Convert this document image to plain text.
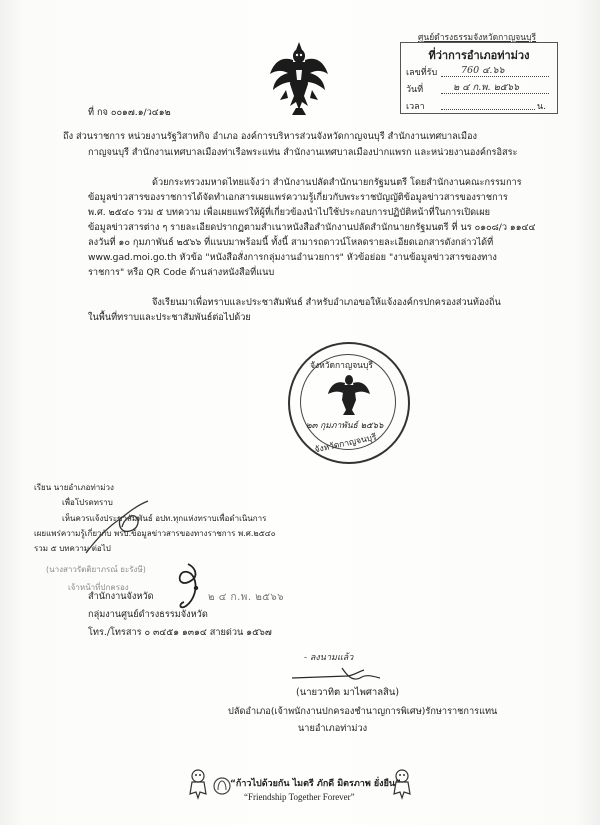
ศูนย์ดำรงธรรมจังหวัดกาญจนบุรี
ที่ว่าการอำเภอท่าม่วง
เลขที่รับ	760 ๔.๖๖
วันที่	๒ ๔ ก.พ. ๒๕๖๖
เวลา	น.
ที่ กจ ๐๐๑๗.๑/ว๔๑๒
ถึง ส่วนราชการ หน่วยงานรัฐวิสาหกิจ อำเภอ องค์การบริหารส่วนจังหวัดกาญจนบุรี สำนักงานเทศบาลเมือง
กาญจนบุรี สำนักงานเทศบาลเมืองท่าเรือพระแท่น สำนักงานเทศบาลเมืองปากแพรก และหน่วยงานองค์กรอิสระ
ด้วยกระทรวงมหาดไทยแจ้งว่า สำนักงานปลัดสำนักนายกรัฐมนตรี โดยสำนักงานคณะกรรมการ
ข้อมูลข่าวสารของราชการได้จัดทำเอกสารเผยแพร่ความรู้เกี่ยวกับพระราชบัญญัติข้อมูลข่าวสารของราชการ
พ.ศ. ๒๕๔๐ รวม ๕ บทความ เพื่อเผยแพร่ให้ผู้ที่เกี่ยวข้องนำไปใช้ประกอบการปฏิบัติหน้าที่ในการเปิดเผย
ข้อมูลข่าวสารต่าง ๆ รายละเอียดปรากฏตามสำเนาหนังสือสำนักงานปลัดสำนักนายกรัฐมนตรี ที่ นร ๐๑๐๘/ว ๑๑๔๔
ลงวันที่ ๑๐ กุมภาพันธ์ ๒๕๖๖ ที่แนบมาพร้อมนี้ ทั้งนี้ สามารถดาวน์โหลดรายละเอียดเอกสารดังกล่าวได้ที่
www.gad.moi.go.th หัวข้อ "หนังสือสั่งการกลุ่มงานอำนวยการ" หัวข้อย่อย "งานข้อมูลข่าวสารของทาง
ราชการ" หรือ QR Code ด้านล่างหนังสือที่แนบ
จึงเรียนมาเพื่อทราบและประชาสัมพันธ์ สำหรับอำเภอขอให้แจ้งองค์กรปกครองส่วนท้องถิ่น
ในพื้นที่ทราบและประชาสัมพันธ์ต่อไปด้วย
จังหวัดกาญจนบุรี
๒๓ กุมภาพันธ์ ๒๕๖๖
จังหวัดกาญจนบุรี
เรียน นายอำเภอท่าม่วง
เพื่อโปรดทราบ
เห็นควรแจ้งประชาสัมพันธ์ อปท.ทุกแห่งทราบเพื่อดำเนินการ
เผยแพร่ความรู้เกี่ยวกับ พรบ.ข้อมูลข่าวสารของทางราชการ พ.ศ.๒๕๔๐
รวม ๕ บทความ ต่อไป
(นางสาวรัตติยาภรณ์ ยะรังษี)
เจ้าหน้าที่ปกครอง
สำนักงานจังหวัด
กลุ่มงานศูนย์ดำรงธรรมจังหวัด
โทร./โทรสาร ๐ ๓๔๕๑ ๑๓๑๔ สายด่วน ๑๕๖๗
๒ ๔ ก.พ. ๒๕๖๖
- ลงนามแล้ว
(นายวาทิต มาไพศาลสิน)
ปลัดอำเภอ(เจ้าพนักงานปกครองชำนาญการพิเศษ)รักษาราชการแทน
นายอำเภอท่าม่วง
“ก้าวไปด้วยกัน ไมตรี ภักดี มิตรภาพ ยั่งยืน”
“Friendship Together Forever”
